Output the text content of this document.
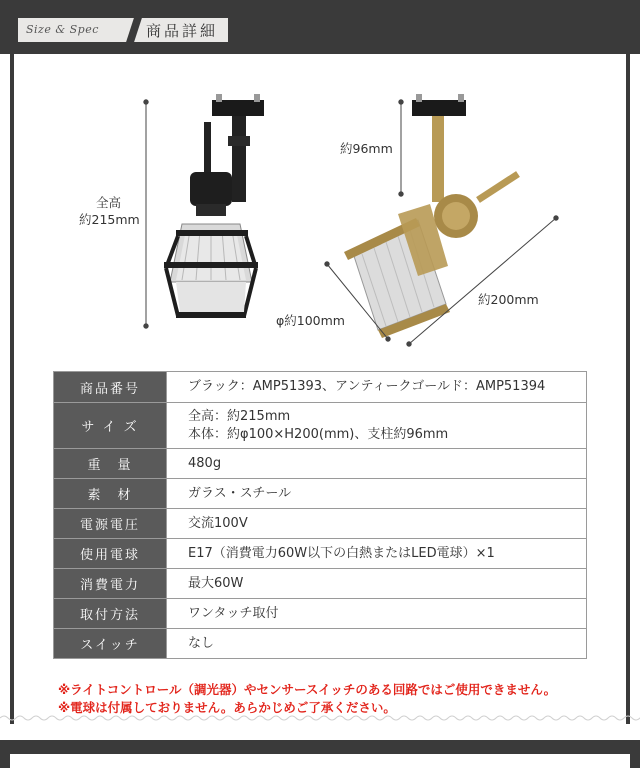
Size & Spec	商品詳細
全高
約215mm
約96mm
φ約100mm
約200mm
商品番号	ブラック：AMP51393、アンティークゴールド：AMP51394
サ イ ズ	全高：約215mm
本体：約φ100×H200(mm)、支柱約96mm

重　量	480g
素　材	ガラス・スチール
電源電圧	交流100V
使用電球	E17（消費電力60W以下の白熱またはLED電球）×1
消費電力	最大60W
取付方法	ワンタッチ取付
スイッチ	なし
※ライトコントロール（調光器）やセンサースイッチのある回路ではご使用できません。
※電球は付属しておりません。あらかじめご了承ください。
